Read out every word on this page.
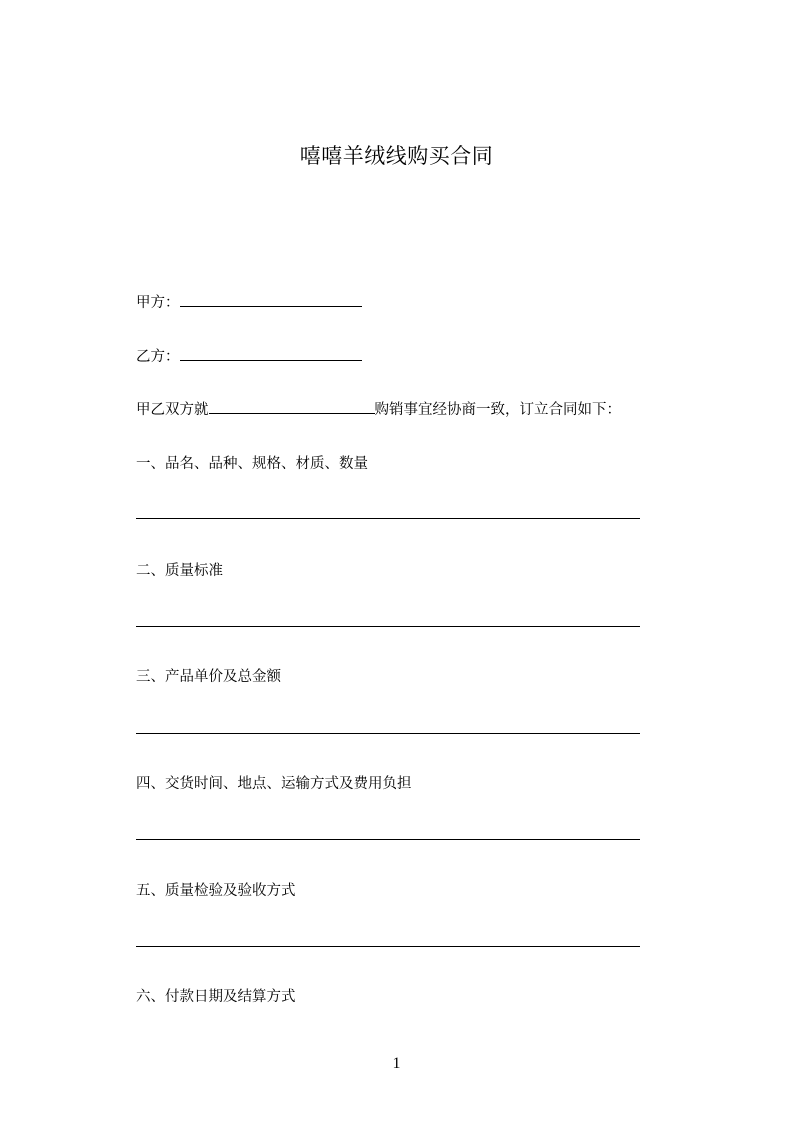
嘻嘻羊绒线购买合同
甲方：
乙方：
甲乙双方就	购销事宜经协商一致，订立合同如下：
一、品名、品种、规格、材质、数量
二、质量标准
三、产品单价及总金额
四、交货时间、地点、运输方式及费用负担
五、质量检验及验收方式
六、付款日期及结算方式
1
